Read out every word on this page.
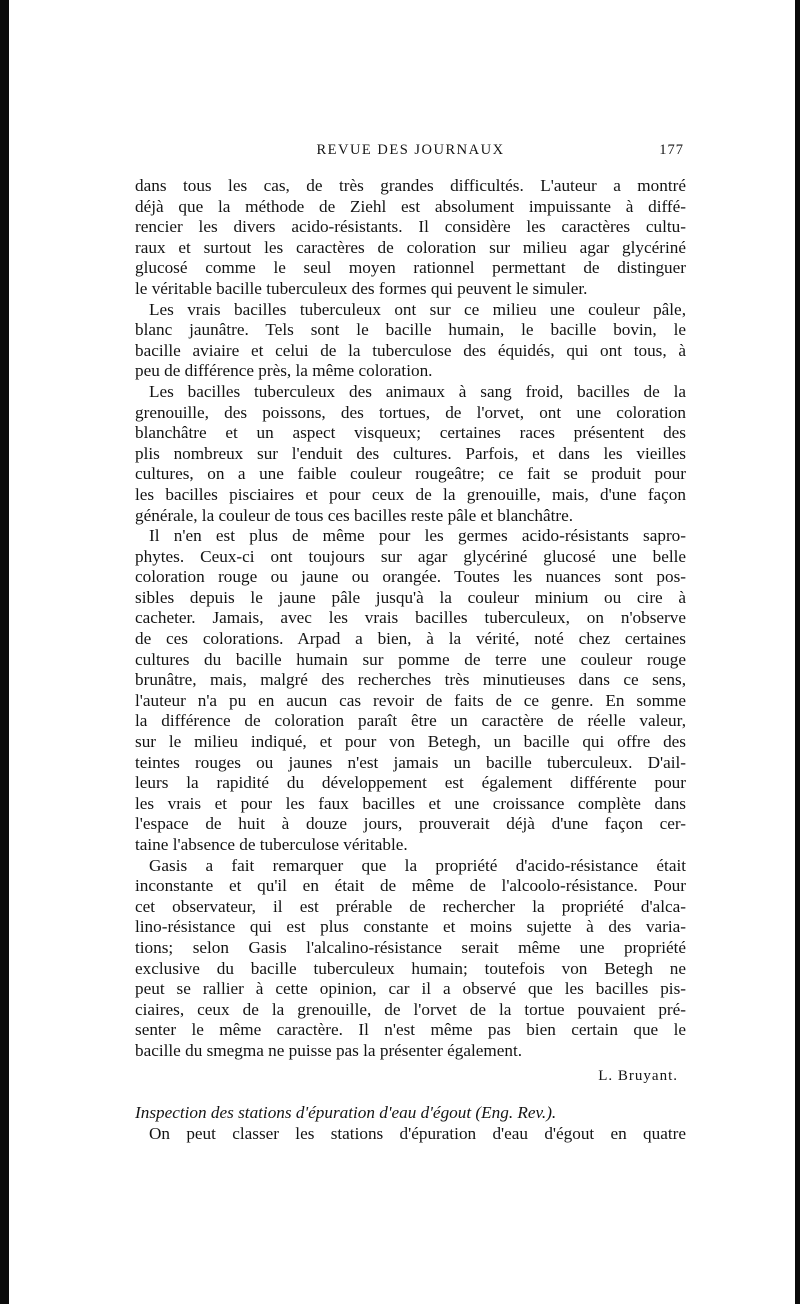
REVUE DES JOURNAUX	177
dans tous les cas, de très grandes difficultés. L'auteur a montré
déjà que la méthode de Ziehl est absolument impuissante à diffé-
rencier les divers acido-résistants. Il considère les caractères cultu-
raux et surtout les caractères de coloration sur milieu agar glycériné
glucosé comme le seul moyen rationnel permettant de distinguer
le véritable bacille tuberculeux des formes qui peuvent le simuler.
Les vrais bacilles tuberculeux ont sur ce milieu une couleur pâle,
blanc jaunâtre. Tels sont le bacille humain, le bacille bovin, le
bacille aviaire et celui de la tuberculose des équidés, qui ont tous, à
peu de différence près, la même coloration.
Les bacilles tuberculeux des animaux à sang froid, bacilles de la
grenouille, des poissons, des tortues, de l'orvet, ont une coloration
blanchâtre et un aspect visqueux; certaines races présentent des
plis nombreux sur l'enduit des cultures. Parfois, et dans les vieilles
cultures, on a une faible couleur rougeâtre; ce fait se produit pour
les bacilles pisciaires et pour ceux de la grenouille, mais, d'une façon
générale, la couleur de tous ces bacilles reste pâle et blanchâtre.
Il n'en est plus de même pour les germes acido-résistants sapro-
phytes. Ceux-ci ont toujours sur agar glycériné glucosé une belle
coloration rouge ou jaune ou orangée. Toutes les nuances sont pos-
sibles depuis le jaune pâle jusqu'à la couleur minium ou cire à
cacheter. Jamais, avec les vrais bacilles tuberculeux, on n'observe
de ces colorations. Arpad a bien, à la vérité, noté chez certaines
cultures du bacille humain sur pomme de terre une couleur rouge
brunâtre, mais, malgré des recherches très minutieuses dans ce sens,
l'auteur n'a pu en aucun cas revoir de faits de ce genre. En somme
la différence de coloration paraît être un caractère de réelle valeur,
sur le milieu indiqué, et pour von Betegh, un bacille qui offre des
teintes rouges ou jaunes n'est jamais un bacille tuberculeux. D'ail-
leurs la rapidité du développement est également différente pour
les vrais et pour les faux bacilles et une croissance complète dans
l'espace de huit à douze jours, prouverait déjà d'une façon cer-
taine l'absence de tuberculose véritable.
Gasis a fait remarquer que la propriété d'acido-résistance était
inconstante et qu'il en était de même de l'alcoolo-résistance. Pour
cet observateur, il est prérable de rechercher la propriété d'alca-
lino-résistance qui est plus constante et moins sujette à des varia-
tions; selon Gasis l'alcalino-résistance serait même une propriété
exclusive du bacille tuberculeux humain; toutefois von Betegh ne
peut se rallier à cette opinion, car il a observé que les bacilles pis-
ciaires, ceux de la grenouille, de l'orvet de la tortue pouvaient pré-
senter le même caractère. Il n'est même pas bien certain que le
bacille du smegma ne puisse pas la présenter également.
L. Bruyant.
Inspection des stations d'épuration d'eau d'égout (Eng. Rev.).
On peut classer les stations d'épuration d'eau d'égout en quatre
